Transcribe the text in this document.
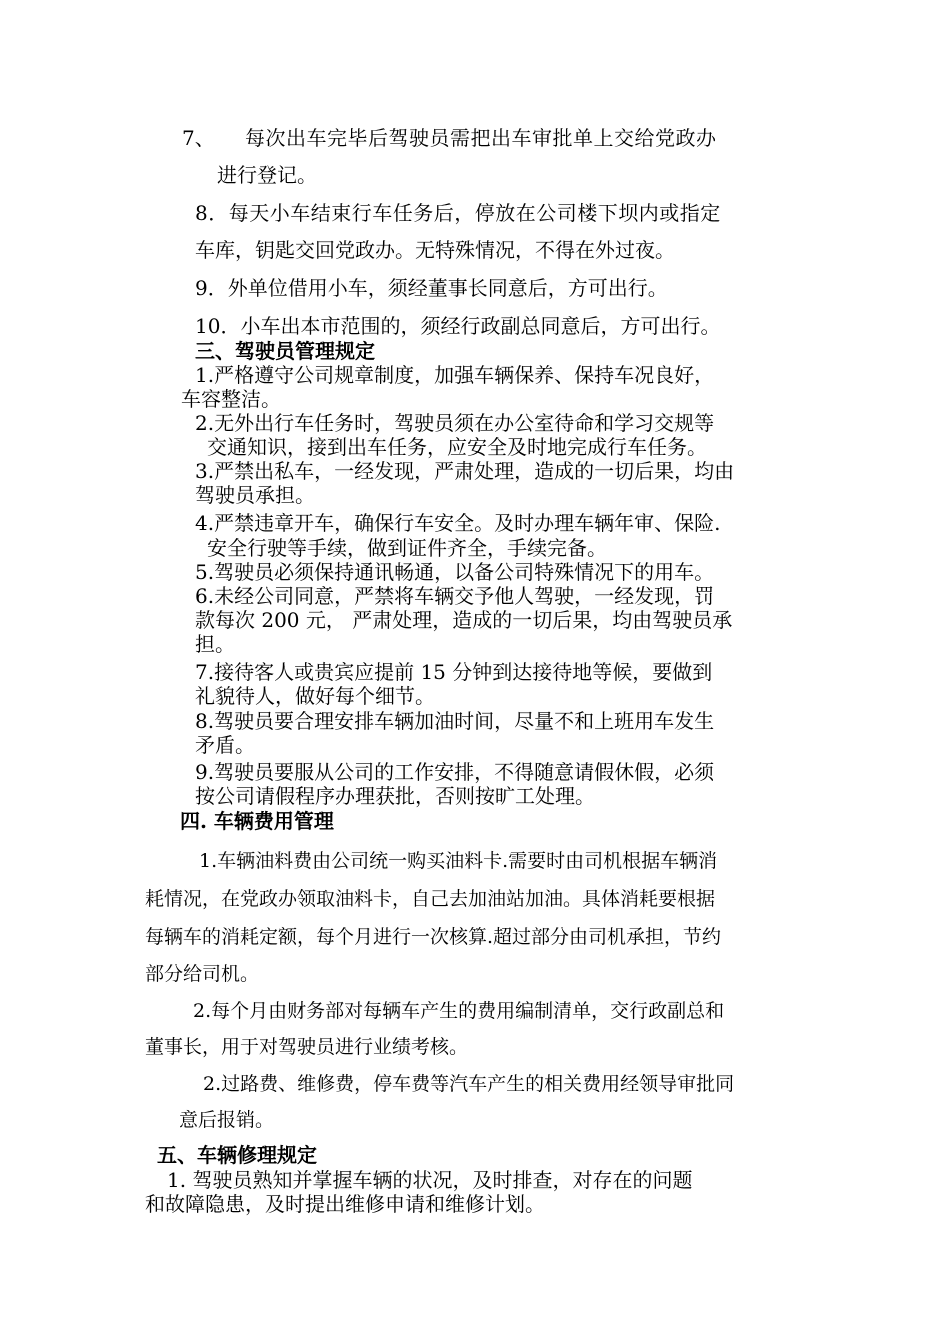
7、 每次出车完毕后驾驶员需把出车审批单上交给党政办
进行登记。
8．每天小车结束行车任务后，停放在公司楼下坝内或指定
车库，钥匙交回党政办。无特殊情况，不得在外过夜。
9．外单位借用小车，须经董事长同意后，方可出行。
10．小车出本市范围的，须经行政副总同意后，方可出行。
三、驾驶员管理规定
1.严格遵守公司规章制度，加强车辆保养、保持车况良好，
车容整洁。
2.无外出行车任务时，驾驶员须在办公室待命和学习交规等
交通知识，接到出车任务，应安全及时地完成行车任务。
3.严禁出私车，一经发现，严肃处理，造成的一切后果，均由
驾驶员承担。
4.严禁违章开车，确保行车安全。及时办理车辆年审、保险.
安全行驶等手续，做到证件齐全，手续完备。
5.驾驶员必须保持通讯畅通，以备公司特殊情况下的用车。
6.未经公司同意，严禁将车辆交予他人驾驶，一经发现，罚
款每次 200 元， 严肃处理，造成的一切后果，均由驾驶员承
担。
7.接待客人或贵宾应提前 15 分钟到达接待地等候，要做到
礼貌待人，做好每个细节。
8.驾驶员要合理安排车辆加油时间，尽量不和上班用车发生
矛盾。
9.驾驶员要服从公司的工作安排，不得随意请假休假，必须
按公司请假程序办理获批，否则按旷工处理。
四. 车辆费用管理
1.车辆油料费由公司统一购买油料卡.需要时由司机根据车辆消
耗情况，在党政办领取油料卡，自己去加油站加油。具体消耗要根据
每辆车的消耗定额，每个月进行一次核算.超过部分由司机承担，节约
部分给司机。
2.每个月由财务部对每辆车产生的费用编制清单，交行政副总和
董事长，用于对驾驶员进行业绩考核。
2.过路费、维修费，停车费等汽车产生的相关费用经领导审批同
意后报销。
五、车辆修理规定
1. 驾驶员熟知并掌握车辆的状况，及时排查，对存在的问题
和故障隐患，及时提出维修申请和维修计划。
